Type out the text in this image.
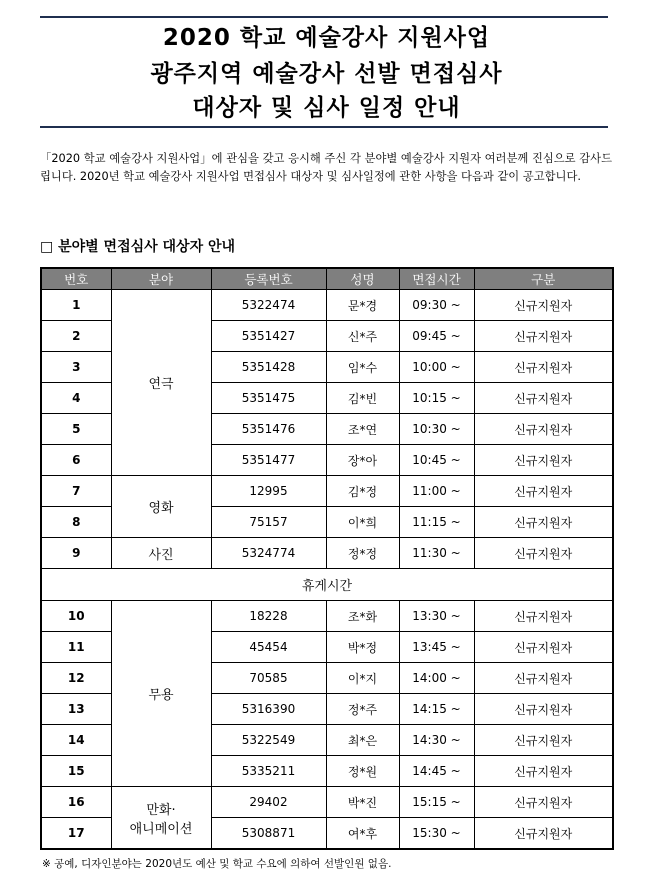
2020 학교 예술강사 지원사업
광주지역 예술강사 선발 면접심사
대상자 및 심사 일정 안내
「2020 학교 예술강사 지원사업」에 관심을 갖고 응시해 주신 각 분야별 예술강사 지원자 여러분께 진심으로 감사드립니다. 2020년 학교 예술강사 지원사업 면접심사 대상자 및 심사일정에 관한 사항을 다음과 같이 공고합니다.
□ 분야별 면접심사 대상자 안내
번호	분야	등록번호	성명	면접시간	구분
1	연극	5322474	문*경	09:30 ~	신규지원자
2		5351427	신*주	09:45 ~	신규지원자
3		5351428	임*수	10:00 ~	신규지원자
4		5351475	김*빈	10:15 ~	신규지원자
5		5351476	조*연	10:30 ~	신규지원자
6		5351477	장*아	10:45 ~	신규지원자
7	영화	12995	김*정	11:00 ~	신규지원자
8		75157	이*희	11:15 ~	신규지원자
9	사진	5324774	정*정	11:30 ~	신규지원자
휴게시간					
10	무용	18228	조*화	13:30 ~	신규지원자
11		45454	박*정	13:45 ~	신규지원자
12		70585	이*지	14:00 ~	신규지원자
13		5316390	정*주	14:15 ~	신규지원자
14		5322549	최*은	14:30 ~	신규지원자
15		5335211	정*원	14:45 ~	신규지원자
16	만화·
애니메이션	29402	박*진	15:15 ~	신규지원자
17		5308871	여*후	15:30 ~	신규지원자
※ 공예, 디자인분야는 2020년도 예산 및 학교 수요에 의하여 선발인원 없음.
